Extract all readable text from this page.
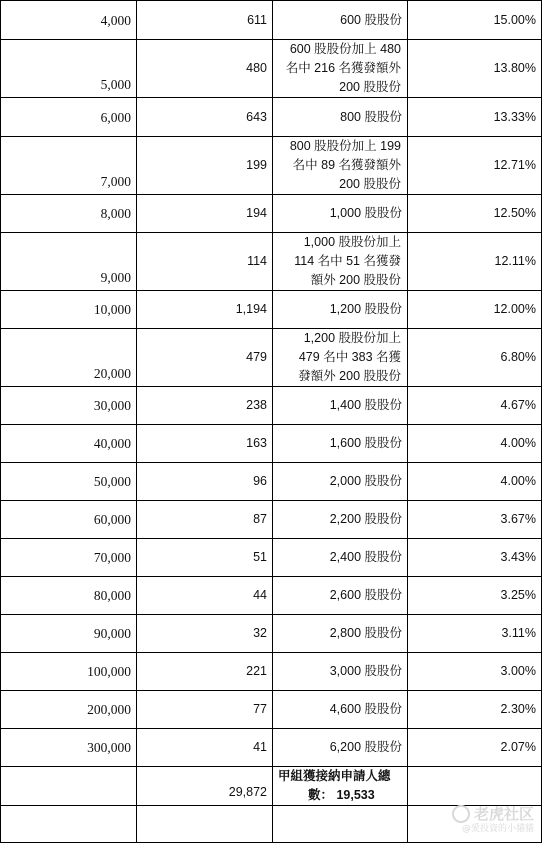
4,000	611	600 股股份	15.00%
5,000	480	600 股股份加上 480
名中 216 名獲發額外
200 股股份	13.80%
6,000	643	800 股股份	13.33%
7,000	199	800 股股份加上 199
名中 89 名獲發額外
200 股股份	12.71%
8,000	194	1,000 股股份	12.50%
9,000	114	1,000 股股份加上
114 名中 51 名獲發
額外 200 股股份	12.11%
10,000	1,194	1,200 股股份	12.00%
20,000	479	1,200 股股份加上
479 名中 383 名獲
發額外 200 股股份	6.80%
30,000	238	1,400 股股份	4.67%
40,000	163	1,600 股股份	4.00%
50,000	96	2,000 股股份	4.00%
60,000	87	2,200 股股份	3.67%
70,000	51	2,400 股股份	3.43%
80,000	44	2,600 股股份	3.25%
90,000	32	2,800 股股份	3.11%
100,000	221	3,000 股股份	3.00%
200,000	77	4,600 股股份	2.30%
300,000	41	6,200 股股份	2.07%
	29,872	甲組獲接納申請人總
數： 19,533	

老虎社区
@愛投資的小貓貓
